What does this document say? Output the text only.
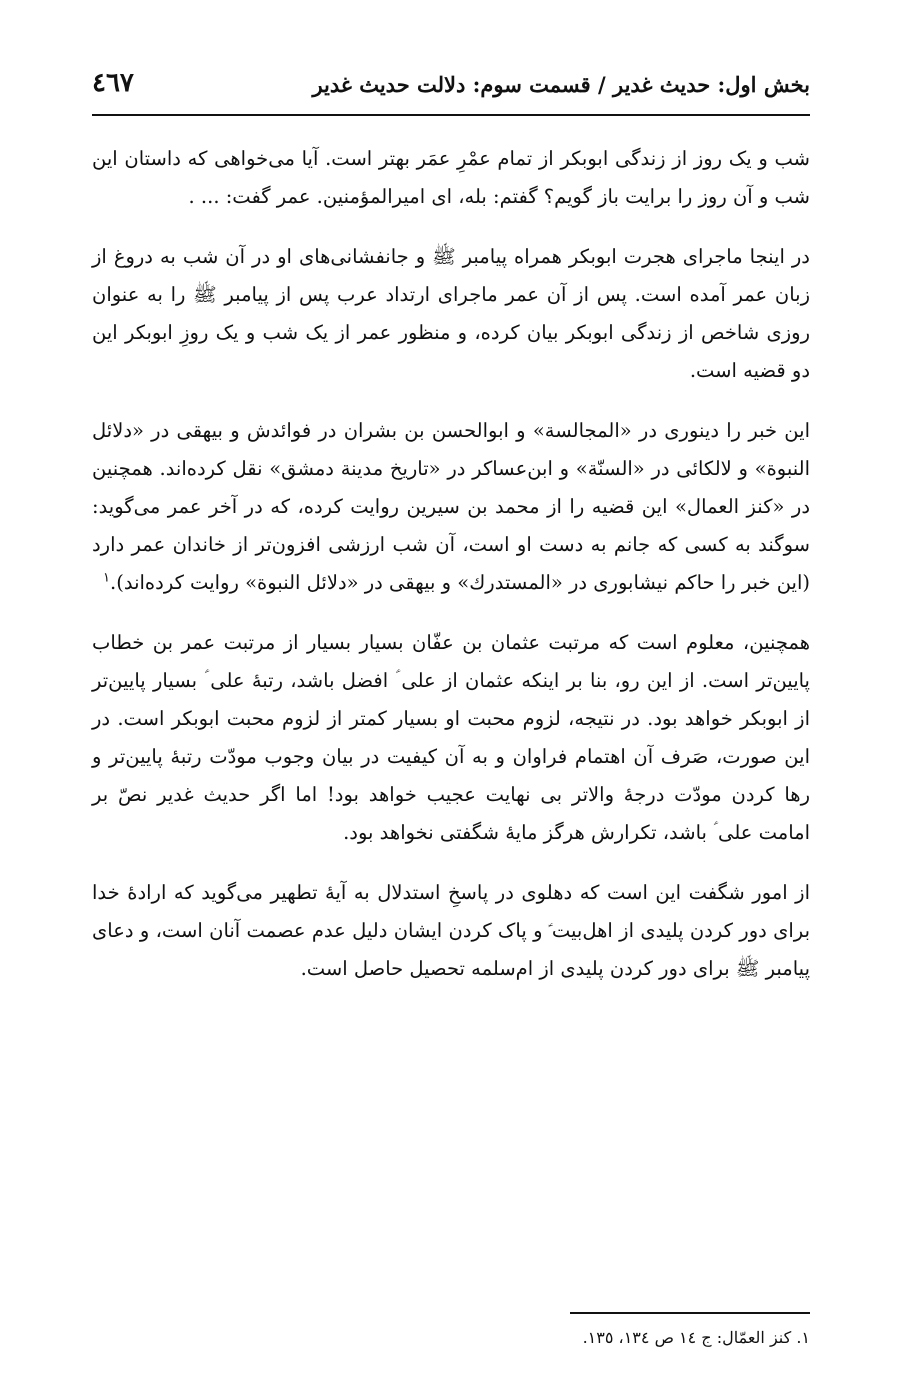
بخش اول: حدیث غدیر / قسمت سوم: دلالت حدیث غدیر
٤٦٧

شب و یک روز از زندگی ابوبکر از تمام عمْرِ عمَر بهتر است. آیا می‌خواهی که داستان این شب و آن روز را برایت باز گویم؟ گفتم: بله، ای امیرالمؤمنین. عمر گفت: ... .

در اینجا ماجرای هجرت ابوبکر همراه پیامبر ﷺ و جانفشانی‌های او در آن شب به دروغ از زبان عمر آمده است. پس از آن عمر ماجرای ارتداد عرب پس از پیامبر ﷺ را به عنوان روزی شاخص از زندگی ابوبکر بیان کرده، و منظور عمر از یک شب و یک روزِ ابوبکر این دو قضیه است.

این خبر را دینوری در «المجالسة» و ابوالحسن بن بشران در فوائدش و بیهقی در «دلائل النبوة» و لالکائی در «السنّة» و ابن‌عساکر در «تاریخ مدینة دمشق» نقل کرده‌اند. همچنین در «کنز العمال» این قضیه را از محمد بن سیرین روایت کرده، که در آخر عمر می‌گوید: سوگند به کسی که جانم به دست او است، آن شب ارزشی افزون‌تر از خاندان عمر دارد (این خبر را حاکم نیشابوری در «المستدرك» و بیهقی در «دلائل النبوة» روایت کرده‌اند).$^١$

همچنین، معلوم است که مرتبت عثمان بن عفّان بسیار بسیار از مرتبت عمر بن خطاب پایین‌تر است. از این رو، بنا بر اینکه عثمان از علی ؑ افضل باشد، رتبهٔ علی ؑ بسیار پایین‌تر از ابوبکر خواهد بود. در نتیجه، لزوم محبت او بسیار کمتر از لزوم محبت ابوبکر است. در این صورت، صَرف آن اهتمام فراوان و به آن کیفیت در بیان وجوب مودّت رتبهٔ پایین‌تر و رها کردن مودّت درجهٔ والاتر بی نهایت عجیب خواهد بود! اما اگر حدیث غدیر نصّ بر امامت علی ؑ باشد، تکرارش هرگز مایهٔ شگفتی نخواهد بود.

از امور شگفت این است که دهلوی در پاسخِ استدلال به آیهٔ تطهیر می‌گوید که ارادهٔ خدا برای دور کردن پلیدی از اهل‌بیت ؑ و پاک کردن ایشان دلیل عدم عصمت آنان است، و دعای پیامبر ﷺ برای دور کردن پلیدی از ام‌سلمه تحصیل حاصل است.

١. کنز العمّال: ج ١٤ ص ١٣٤، ١٣٥.
